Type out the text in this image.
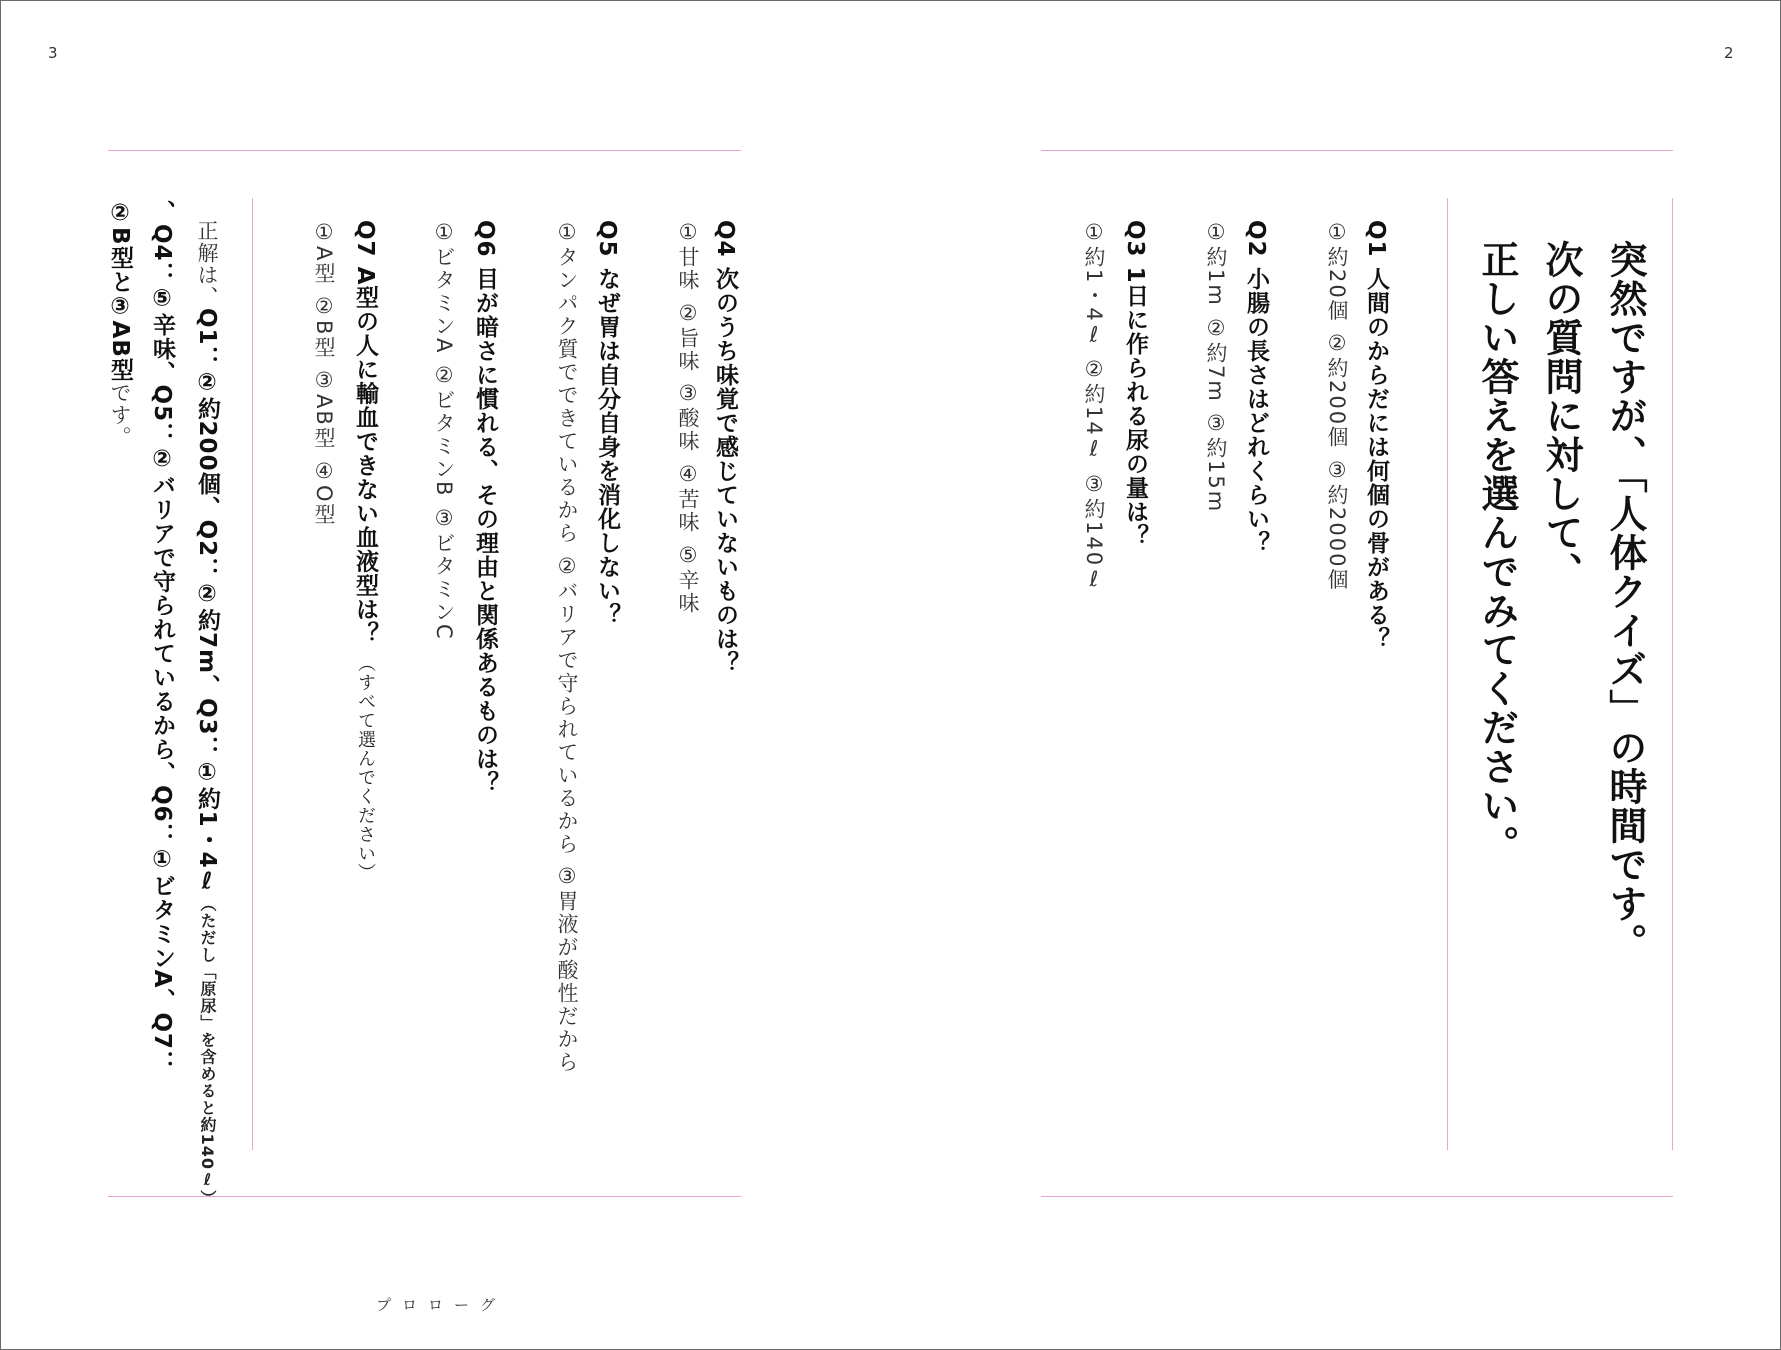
3	2
突然ですが、「人体クイズ」の時間です。
次の質問に対して、
正しい答えを選んでみてください。
Q1 人間のからだには何個の骨がある？
①約20個 ②約200個 ③約2000個
Q2 小腸の長さはどれくらい？
①約1m ②約7m ③約15m
Q3 1日に作られる尿の量は？
①約1・4ℓ ②約14ℓ ③約140ℓ
Q4 次のうち味覚で感じていないものは？
①甘味 ②旨味 ③酸味 ④苦味 ⑤辛味
Q5 なぜ胃は自分自身を消化しない？
①タンパク質でできているから ②バリアで守られているから ③胃液が酸性だから
Q6 目が暗さに慣れる、その理由と関係あるものは？
①ビタミンA ②ビタミンB ③ビタミンC
Q7 A型の人に輸血できない血液型は？ （すべて選んでください）
①A型 ②B型 ③AB型 ④O型
正解は、Q1：②約200個、Q2：②約7m、Q3：①約1・4ℓ（ただし「原尿」を含めると約140ℓ）
、Q4：⑤辛味、Q5：②バリアで守られているから、Q6：①ビタミンA、Q7：
②B型と③AB型です。
プロローグ
